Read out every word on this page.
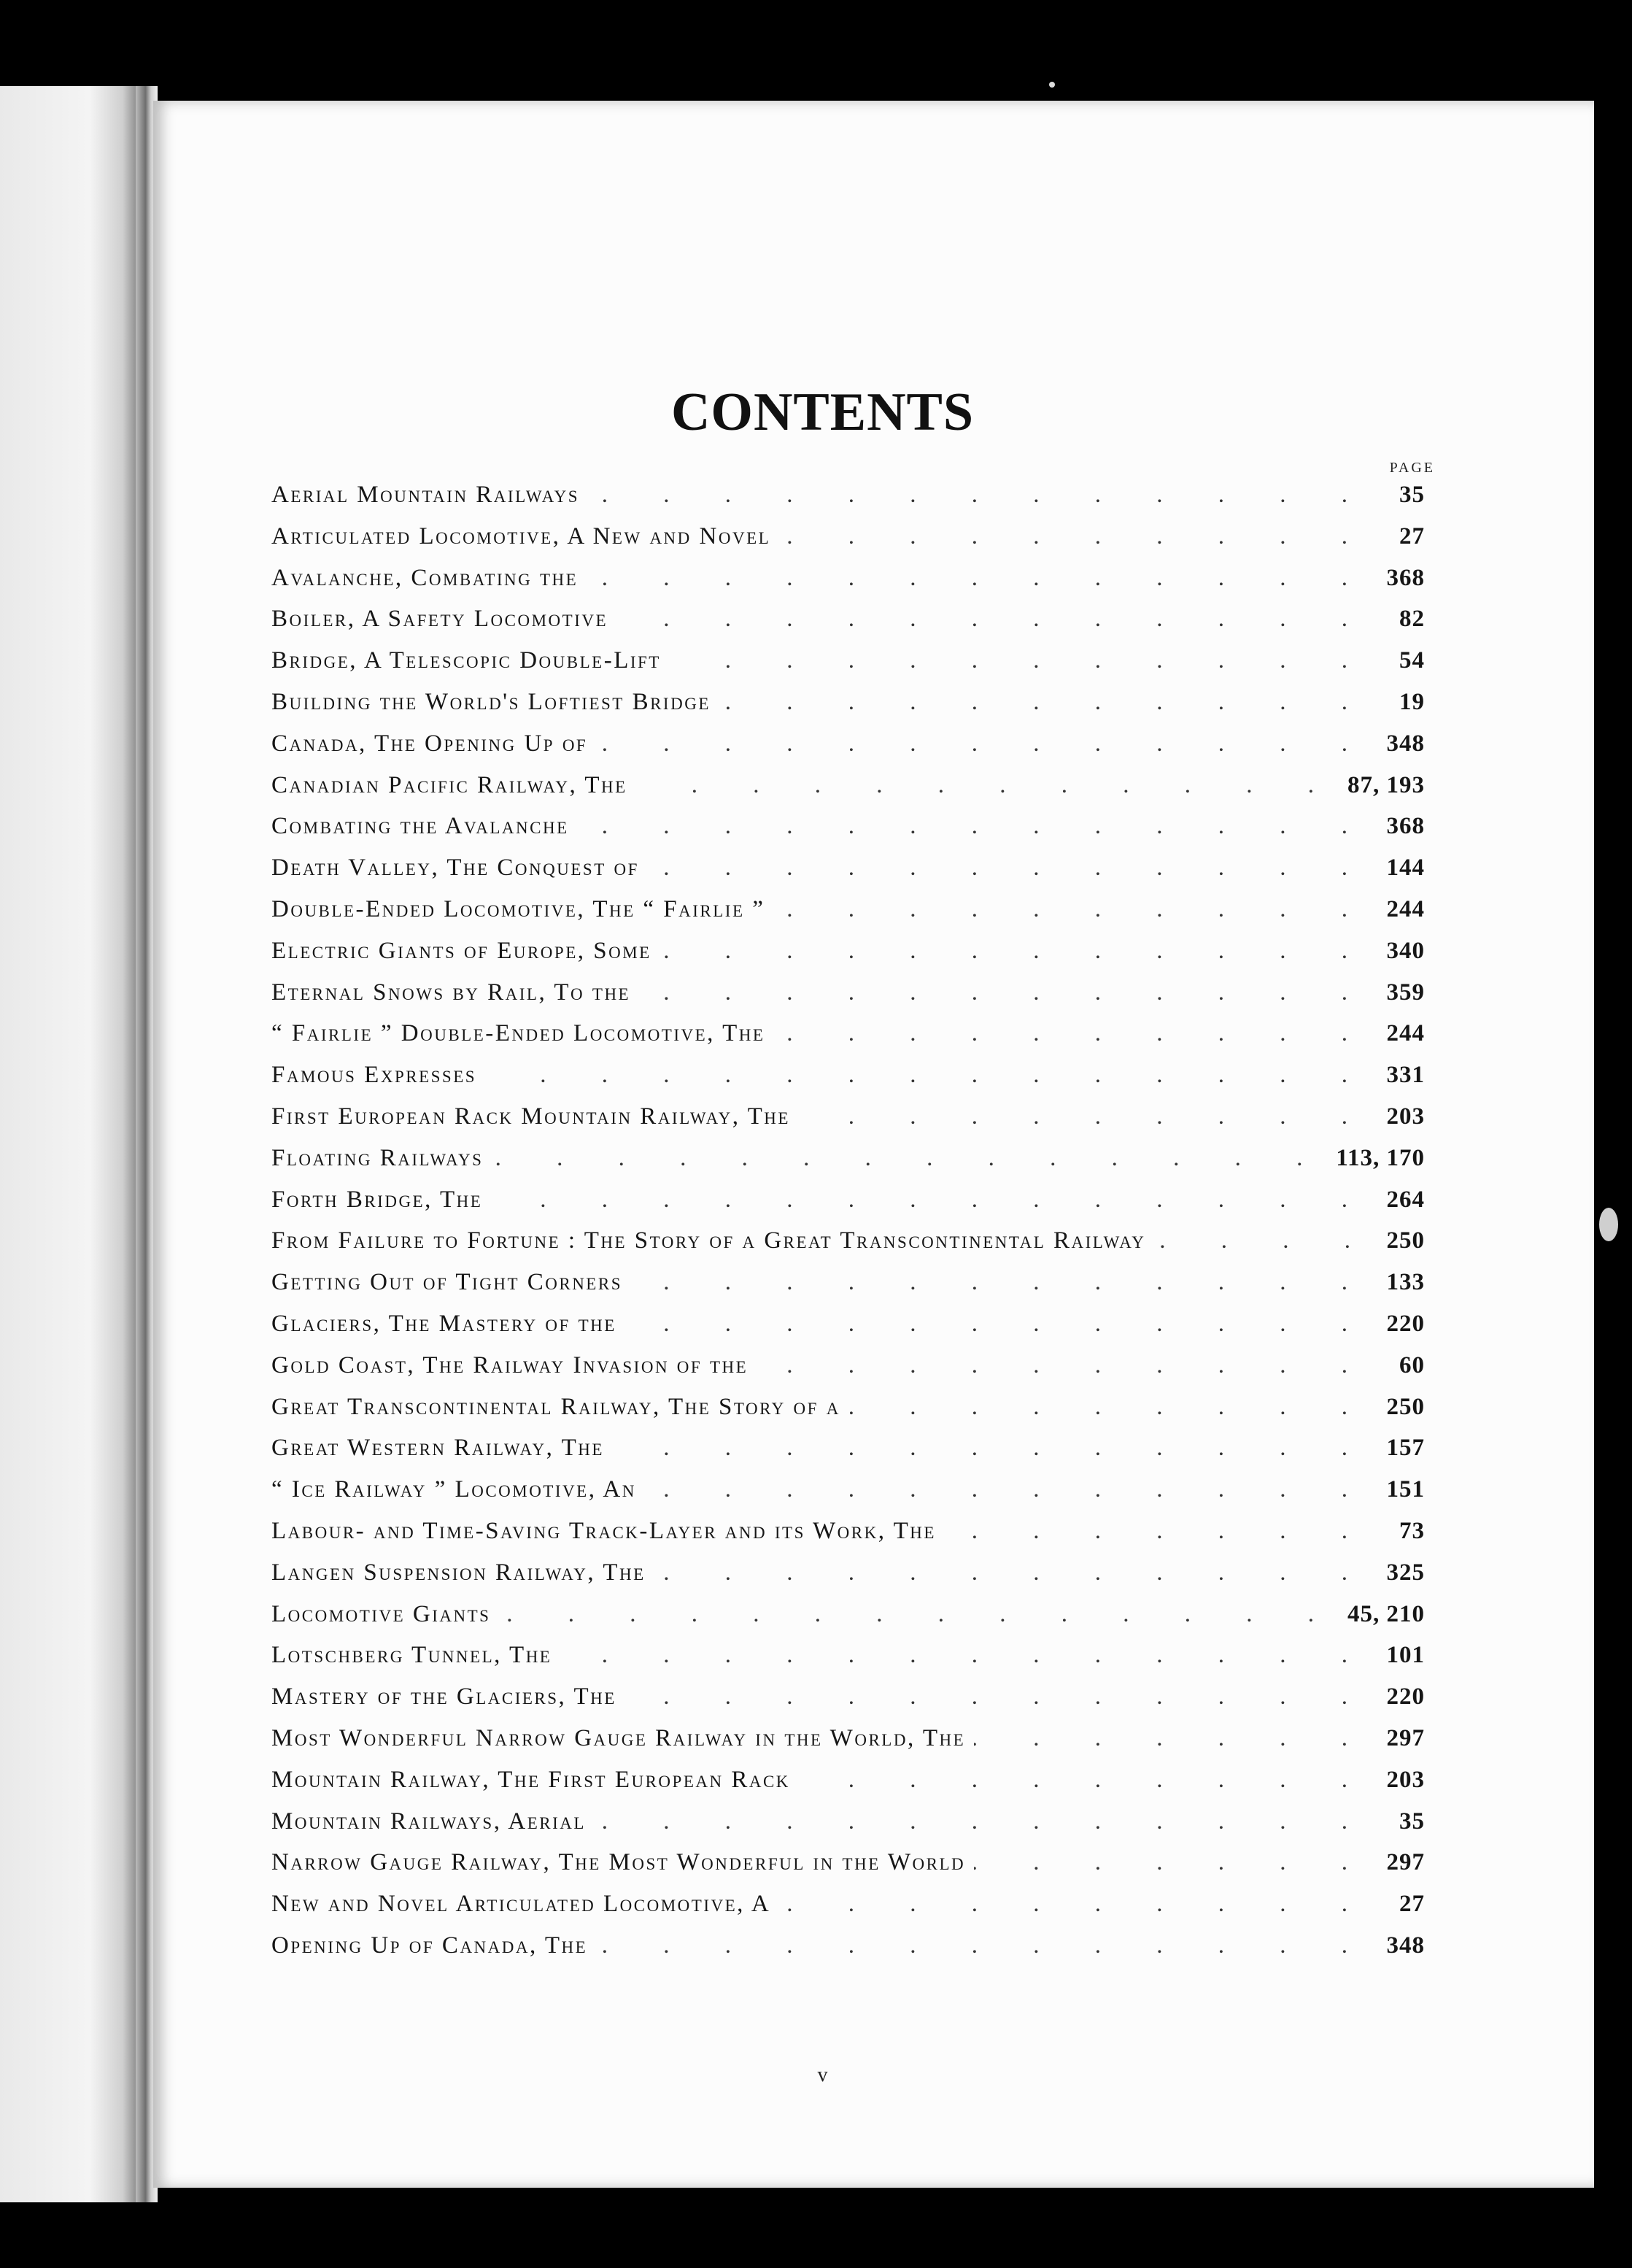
CONTENTS
PAGE
Aerial Mountain Railways . . .	35
Articulated Locomotive, A New and Novel . . .	27
Avalanche, Combating the . . .	368
Boiler, A Safety Locomotive . . .	82
Bridge, A Telescopic Double-Lift . . .	54
Building the World's Loftiest Bridge . . .	19
Canada, The Opening Up of . . .	348
Canadian Pacific Railway, The . . .	87, 193
Combating the Avalanche . . .	368
Death Valley, The Conquest of . . .	144
Double-Ended Locomotive, The “ Fairlie ” . . .	244
Electric Giants of Europe, Some . . .	340
Eternal Snows by Rail, To the . . .	359
“ Fairlie ” Double-Ended Locomotive, The . . .	244
Famous Expresses . . .	331
First European Rack Mountain Railway, The . . .	203
Floating Railways . . .	113, 170
Forth Bridge, The . . .	264
From Failure to Fortune : The Story of a Great Transcontinental Railway . . .	250
Getting Out of Tight Corners . . .	133
Glaciers, The Mastery of the . . .	220
Gold Coast, The Railway Invasion of the . . .	60
Great Transcontinental Railway, The Story of a . . .	250
Great Western Railway, The . . .	157
“ Ice Railway ” Locomotive, An . . .	151
Labour- and Time-Saving Track-Layer and its Work, The . . .	73
Langen Suspension Railway, The . . .	325
Locomotive Giants . . .	45, 210
Lotschberg Tunnel, The . . .	101
Mastery of the Glaciers, The . . .	220
Most Wonderful Narrow Gauge Railway in the World, The . . .	297
Mountain Railway, The First European Rack . . .	203
Mountain Railways, Aerial . . .	35
Narrow Gauge Railway, The Most Wonderful in the World . . .	297
New and Novel Articulated Locomotive, A . . .	27
Opening Up of Canada, The . . .	348
v
